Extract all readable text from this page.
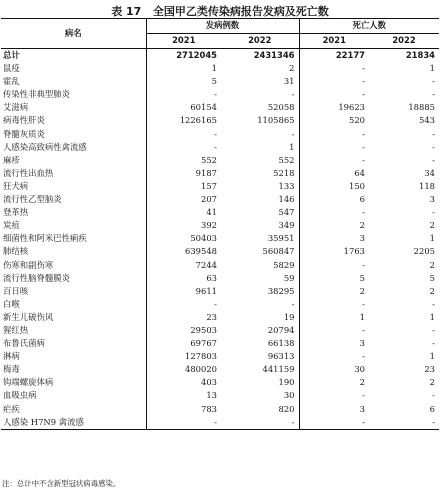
表 17   全国甲乙类传染病报告发病及死亡数
病名	发病例数		死亡人数	
	2021	2022	2021	2022
总计	2712045	2431346	22177	21834
鼠疫	1	2	-	1
霍乱	5	31	-	-
传染性非典型肺炎	-	-	-	-
艾滋病	60154	52058	19623	18885
病毒性肝炎	1226165	1105865	520	543
脊髓灰质炎	-	-	-	-
人感染高致病性禽流感	-	1	-	-
麻疹	552	552	-	-
流行性出血热	9187	5218	64	34
狂犬病	157	133	150	118
流行性乙型脑炎	207	146	6	3
登革热	41	547	-	-
炭疽	392	349	2	2
细菌性和阿米巴性痢疾	50403	35951	3	1
肺结核	639548	560847	1763	2205
伤寒和副伤寒	7244	5829	-	2
流行性脑脊髓膜炎	63	59	5	5
百日咳	9611	38295	2	2
白喉	-	-	-	-
新生儿破伤风	23	19	1	1
猩红热	29503	20794	-	-
布鲁氏菌病	69767	66138	3	-
淋病	127803	96313	-	1
梅毒	480020	441159	30	23
钩端螺旋体病	403	190	2	2
血吸虫病	13	30	-	-
疟疾	783	820	3	6
人感染 H7N9 禽流感	-	-	-	-
注：总计中不含新型冠状病毒感染。
